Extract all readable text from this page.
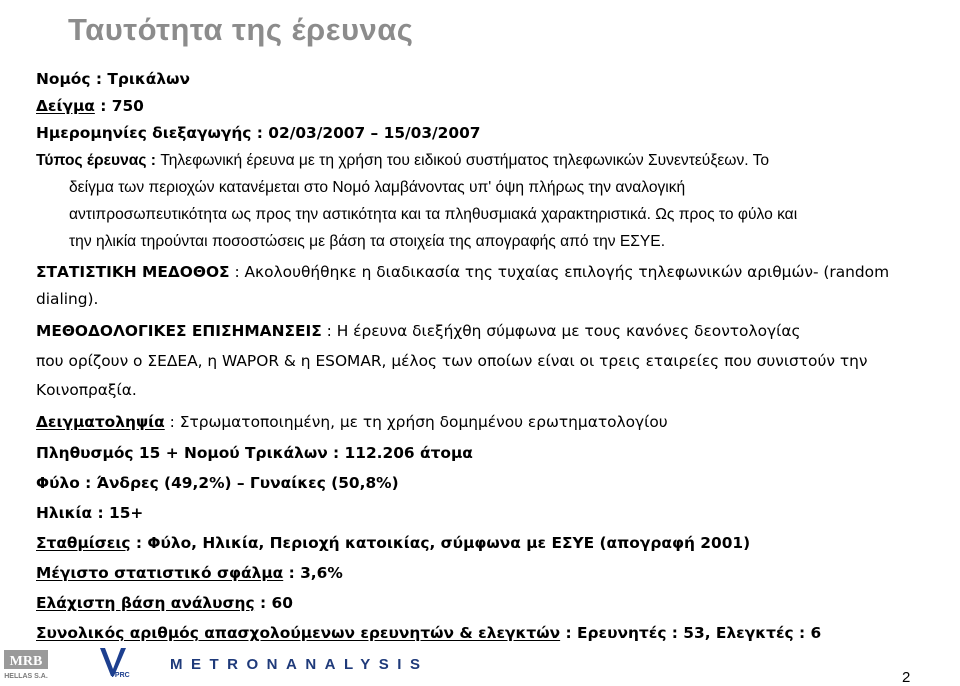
Ταυτότητα της έρευνας
Νομός : Τρικάλων
Δείγμα : 750
Ημερομηνίες διεξαγωγής : 02/03/2007 – 15/03/2007
Τύπος έρευνας : Τηλεφωνική έρευνα με τη χρήση του ειδικού συστήματος τηλεφωνικών Συνεντεύξεων. Το
δείγμα των περιοχών κατανέμεται στο Νομό λαμβάνοντας υπ' όψη πλήρως την αναλογική
αντιπροσωπευτικότητα ως προς την αστικότητα και τα πληθυσμιακά χαρακτηριστικά. Ως προς το φύλο και
την ηλικία τηρούνται ποσοστώσεις με βάση τα στοιχεία της απογραφής από την ΕΣΥΕ.
ΣΤΑΤΙΣΤΙΚΗ ΜΕΔΟΘΟΣ : Ακολουθήθηκε η διαδικασία της τυχαίας επιλογής τηλεφωνικών αριθμών- (random
dialing).
ΜΕΘΟΔΟΛΟΓΙΚΕΣ ΕΠΙΣΗΜΑΝΣΕΙΣ : Η έρευνα διεξήχθη σύμφωνα με τους κανόνες δεοντολογίας
που ορίζουν ο ΣΕΔΕΑ, η WAPOR & η ESOMAR, μέλος των οποίων είναι οι τρεις εταιρείες που συνιστούν την
Κοινοπραξία.
Δειγματοληψία : Στρωματοποιημένη, με τη χρήση δομημένου ερωτηματολογίου
Πληθυσμός 15 + Νομού Τρικάλων : 112.206 άτομα
Φύλο : Άνδρες (49,2%) – Γυναίκες (50,8%)
Ηλικία : 15+
Σταθμίσεις : Φύλο, Ηλικία, Περιοχή κατοικίας, σύμφωνα με ΕΣΥΕ (απογραφή 2001)
Μέγιστο στατιστικό σφάλμα : 3,6%
Ελάχιστη βάση ανάλυσης : 60
Συνολικός αριθμός απασχολούμενων ερευνητών & ελεγκτών : Ερευνητές : 53, Ελεγκτές : 6
MRB
HELLAS S.A.	VPRC
METRONANALYSIS
2
